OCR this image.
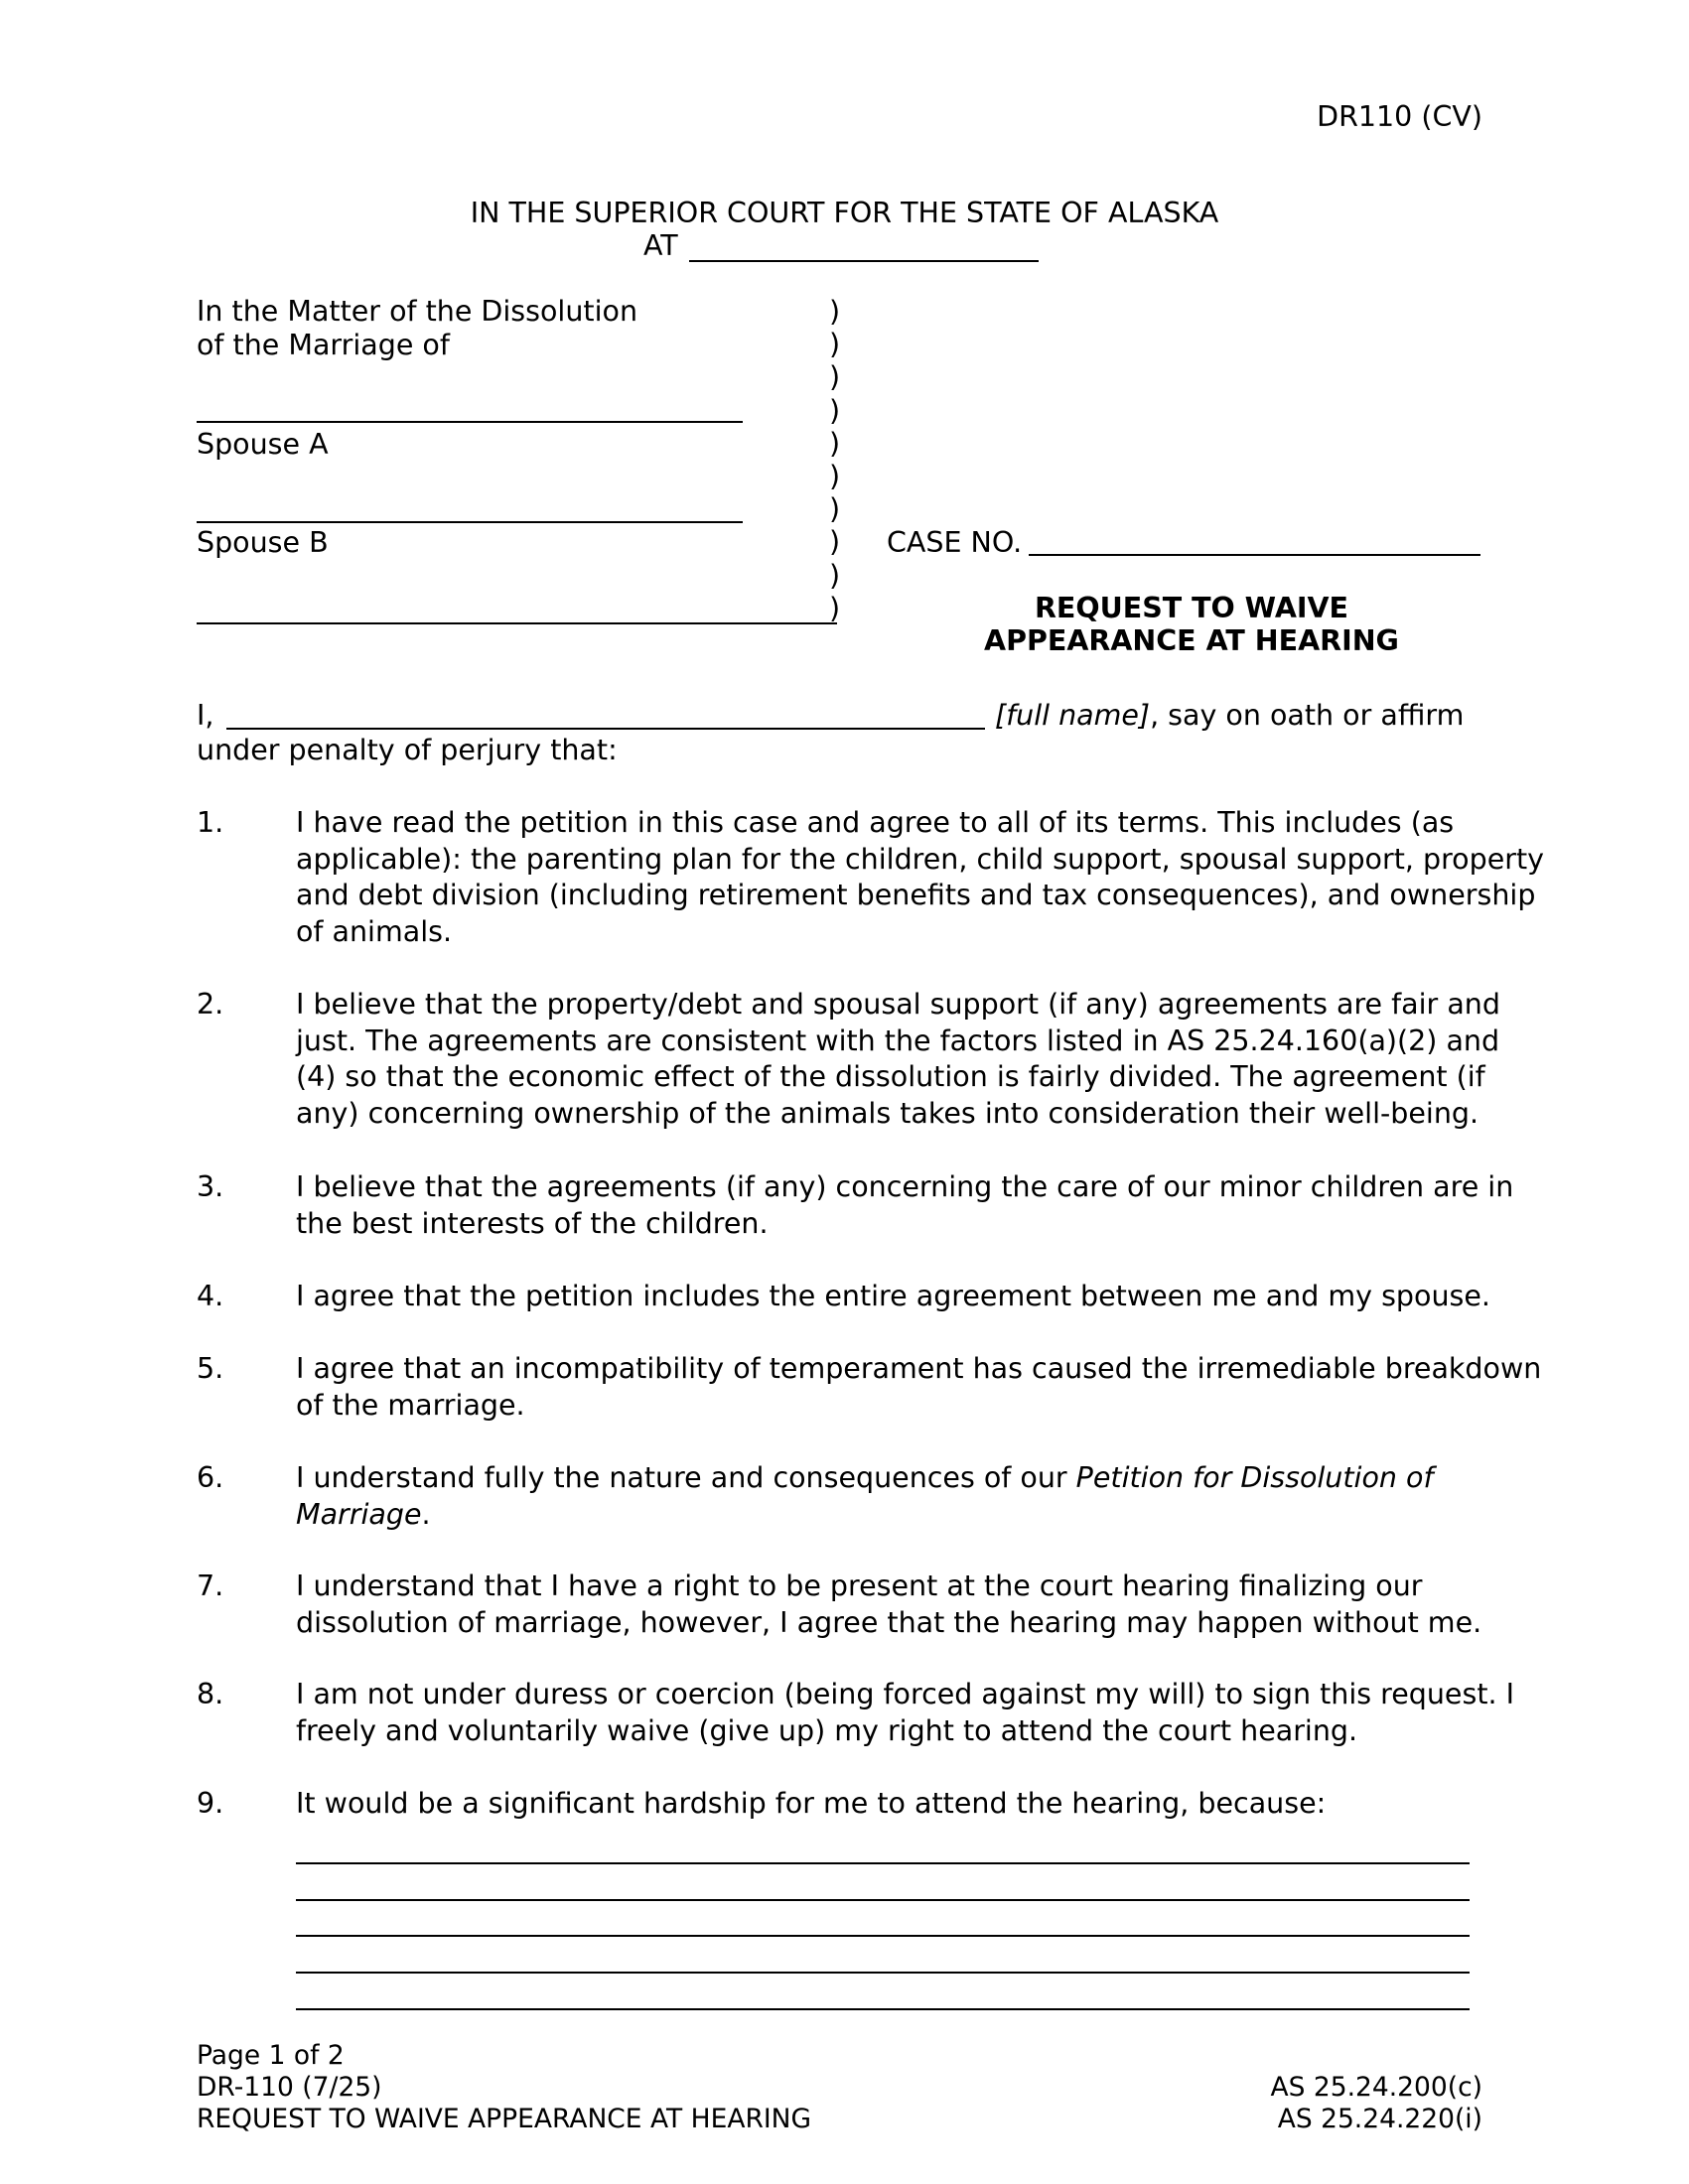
DR110 (CV)
IN THE SUPERIOR COURT FOR THE STATE OF ALASKA
AT
In the Matter of the Dissolution
of the Marriage of
Spouse A
Spouse B
)
)
)
)
)
)
)
)
)
)
CASE NO.
REQUEST TO WAIVE
APPEARANCE AT HEARING
I,	[full name], say on oath or affirm
under penalty of perjury that:
1.	I have read the petition in this case and agree to all of its terms. This includes (as
applicable): the parenting plan for the children, child support, spousal support, property
and debt division (including retirement benefits and tax consequences), and ownership
of animals.
2.	I believe that the property/debt and spousal support (if any) agreements are fair and
just. The agreements are consistent with the factors listed in AS 25.24.160(a)(2) and
(4) so that the economic effect of the dissolution is fairly divided. The agreement (if
any) concerning ownership of the animals takes into consideration their well-being.
3.	I believe that the agreements (if any) concerning the care of our minor children are in
the best interests of the children.
4.	I agree that the petition includes the entire agreement between me and my spouse.
5.	I agree that an incompatibility of temperament has caused the irremediable breakdown
of the marriage.
6.	I understand fully the nature and consequences of our Petition for Dissolution of
Marriage.
7.	I understand that I have a right to be present at the court hearing finalizing our
dissolution of marriage, however, I agree that the hearing may happen without me.
8.	I am not under duress or coercion (being forced against my will) to sign this request. I
freely and voluntarily waive (give up) my right to attend the court hearing.
9.	It would be a significant hardship for me to attend the hearing, because:
Page 1 of 2
DR-110 (7/25)
REQUEST TO WAIVE APPEARANCE AT HEARING
AS 25.24.200(c)
AS 25.24.220(i)
